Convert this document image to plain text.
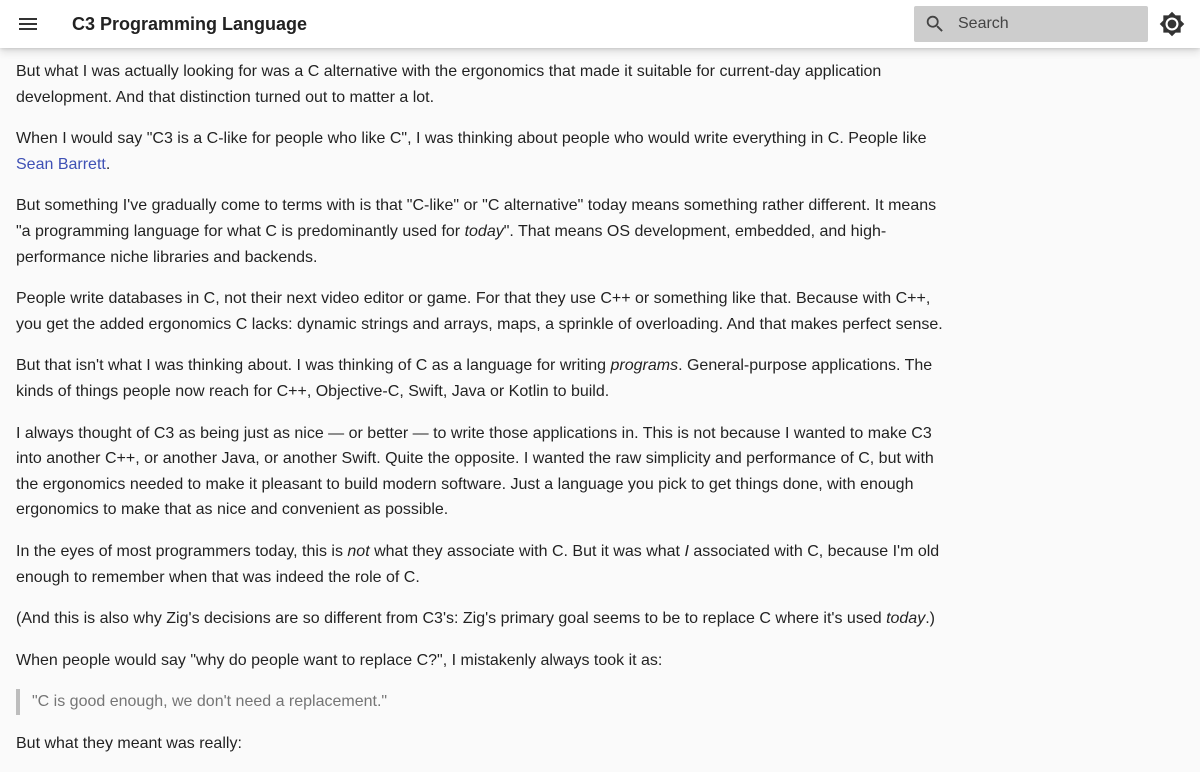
C3 Programming Language
Search

But what I was actually looking for was a C alternative with the ergonomics that made it suitable for current-day application development. And that distinction turned out to matter a lot.

When I would say "C3 is a C-like for people who like C", I was thinking about people who would write everything in C. People like Sean Barrett.

But something I've gradually come to terms with is that "C-like" or "C alternative" today means something rather different. It means "a programming language for what C is predominantly used for today". That means OS development, embedded, and high-performance niche libraries and backends.

People write databases in C, not their next video editor or game. For that they use C++ or something like that. Because with C++, you get the added ergonomics C lacks: dynamic strings and arrays, maps, a sprinkle of overloading. And that makes perfect sense.

But that isn't what I was thinking about. I was thinking of C as a language for writing programs. General-purpose applications. The kinds of things people now reach for C++, Objective-C, Swift, Java or Kotlin to build.

I always thought of C3 as being just as nice — or better — to write those applications in. This is not because I wanted to make C3 into another C++, or another Java, or another Swift. Quite the opposite. I wanted the raw simplicity and performance of C, but with the ergonomics needed to make it pleasant to build modern software. Just a language you pick to get things done, with enough ergonomics to make that as nice and convenient as possible.

In the eyes of most programmers today, this is not what they associate with C. But it was what I associated with C, because I'm old enough to remember when that was indeed the role of C.

(And this is also why Zig's decisions are so different from C3's: Zig's primary goal seems to be to replace C where it's used today.)

When people would say "why do people want to replace C?", I mistakenly always took it as:

"C is good enough, we don't need a replacement."

But what they meant was really:
